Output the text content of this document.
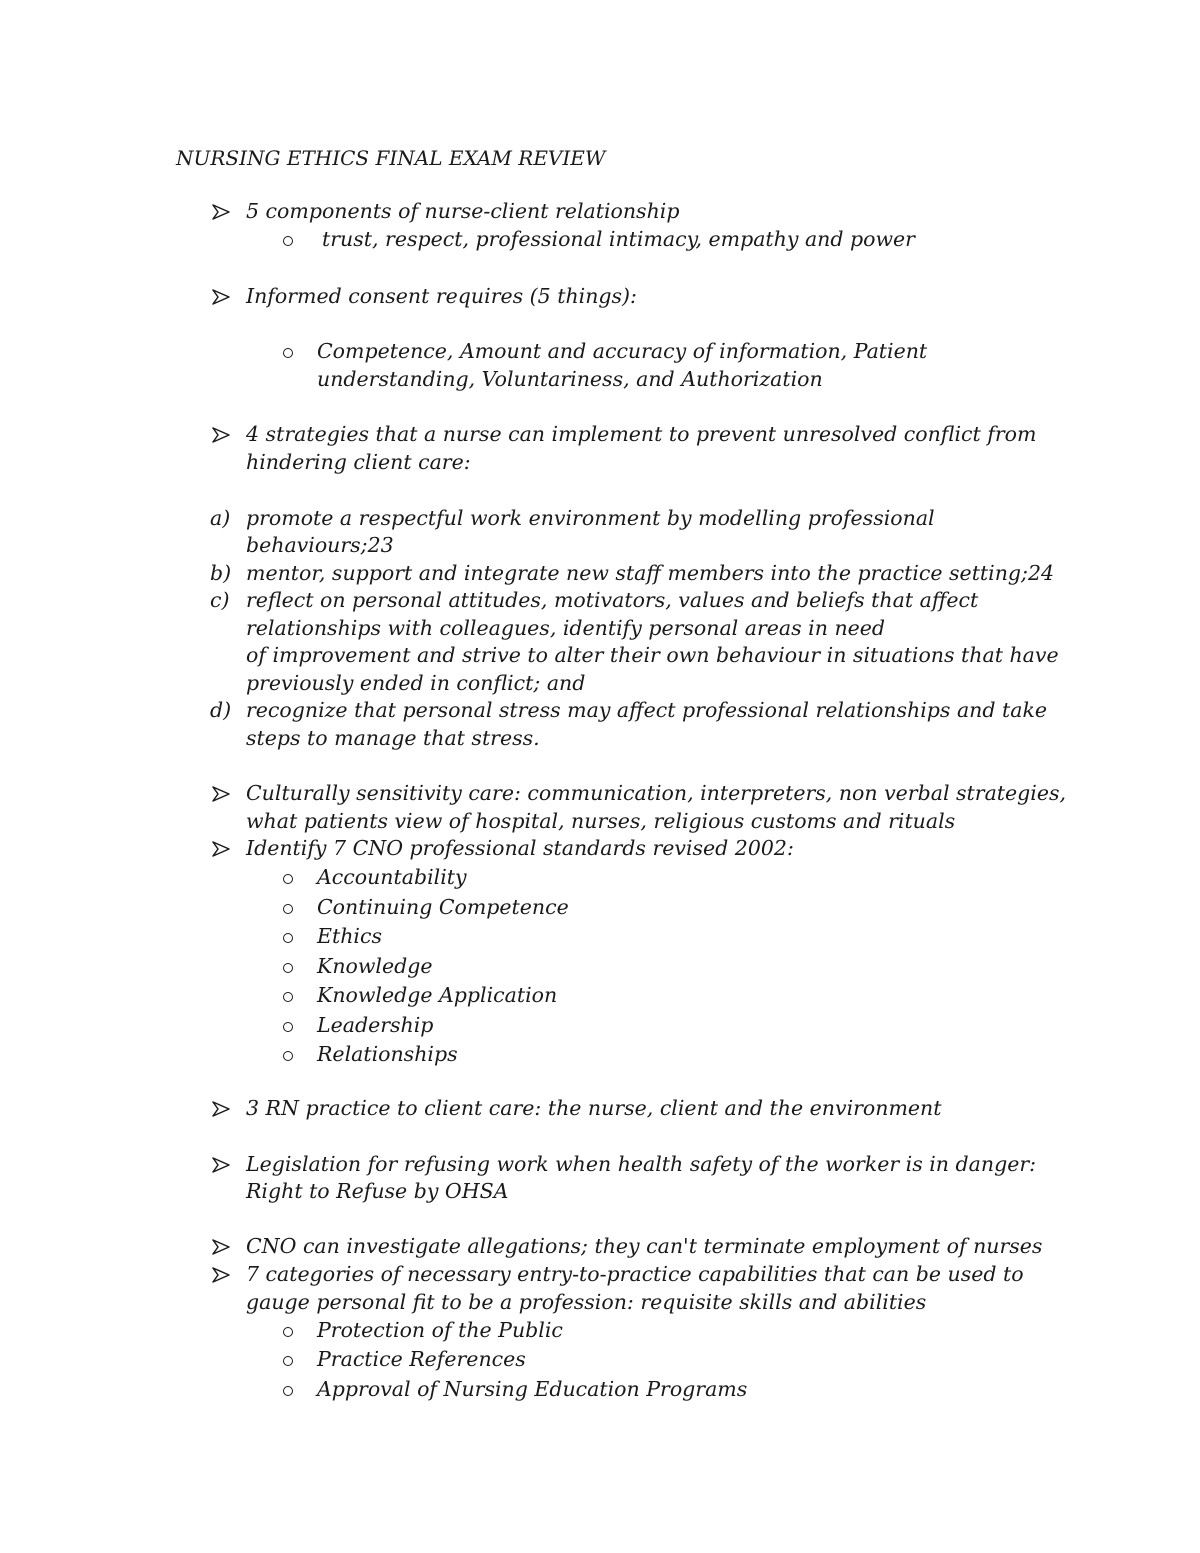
NURSING ETHICS FINAL EXAM REVIEW
5 components of nurse-client relationship
trust, respect, professional intimacy, empathy and power
Informed consent requires (5 things):
Competence, Amount and accuracy of information, Patient
understanding, Voluntariness, and Authorization
4 strategies that a nurse can implement to prevent unresolved conflict from
hindering client care:
a) promote a respectful work environment by modelling professional
behaviours;23
b) mentor, support and integrate new staff members into the practice setting;24
c) reflect on personal attitudes, motivators, values and beliefs that affect
relationships with colleagues, identify personal areas in need
of improvement and strive to alter their own behaviour in situations that have
previously ended in conflict; and
d) recognize that personal stress may affect professional relationships and take
steps to manage that stress.
Culturally sensitivity care: communication, interpreters, non verbal strategies,
what patients view of hospital, nurses, religious customs and rituals
Identify 7 CNO professional standards revised 2002:
Accountability
Continuing Competence
Ethics
Knowledge
Knowledge Application
Leadership
Relationships
3 RN practice to client care: the nurse, client and the environment
Legislation for refusing work when health safety of the worker is in danger:
Right to Refuse by OHSA
CNO can investigate allegations; they can't terminate employment of nurses
7 categories of necessary entry-to-practice capabilities that can be used to
gauge personal fit to be a profession: requisite skills and abilities
Protection of the Public
Practice References
Approval of Nursing Education Programs
